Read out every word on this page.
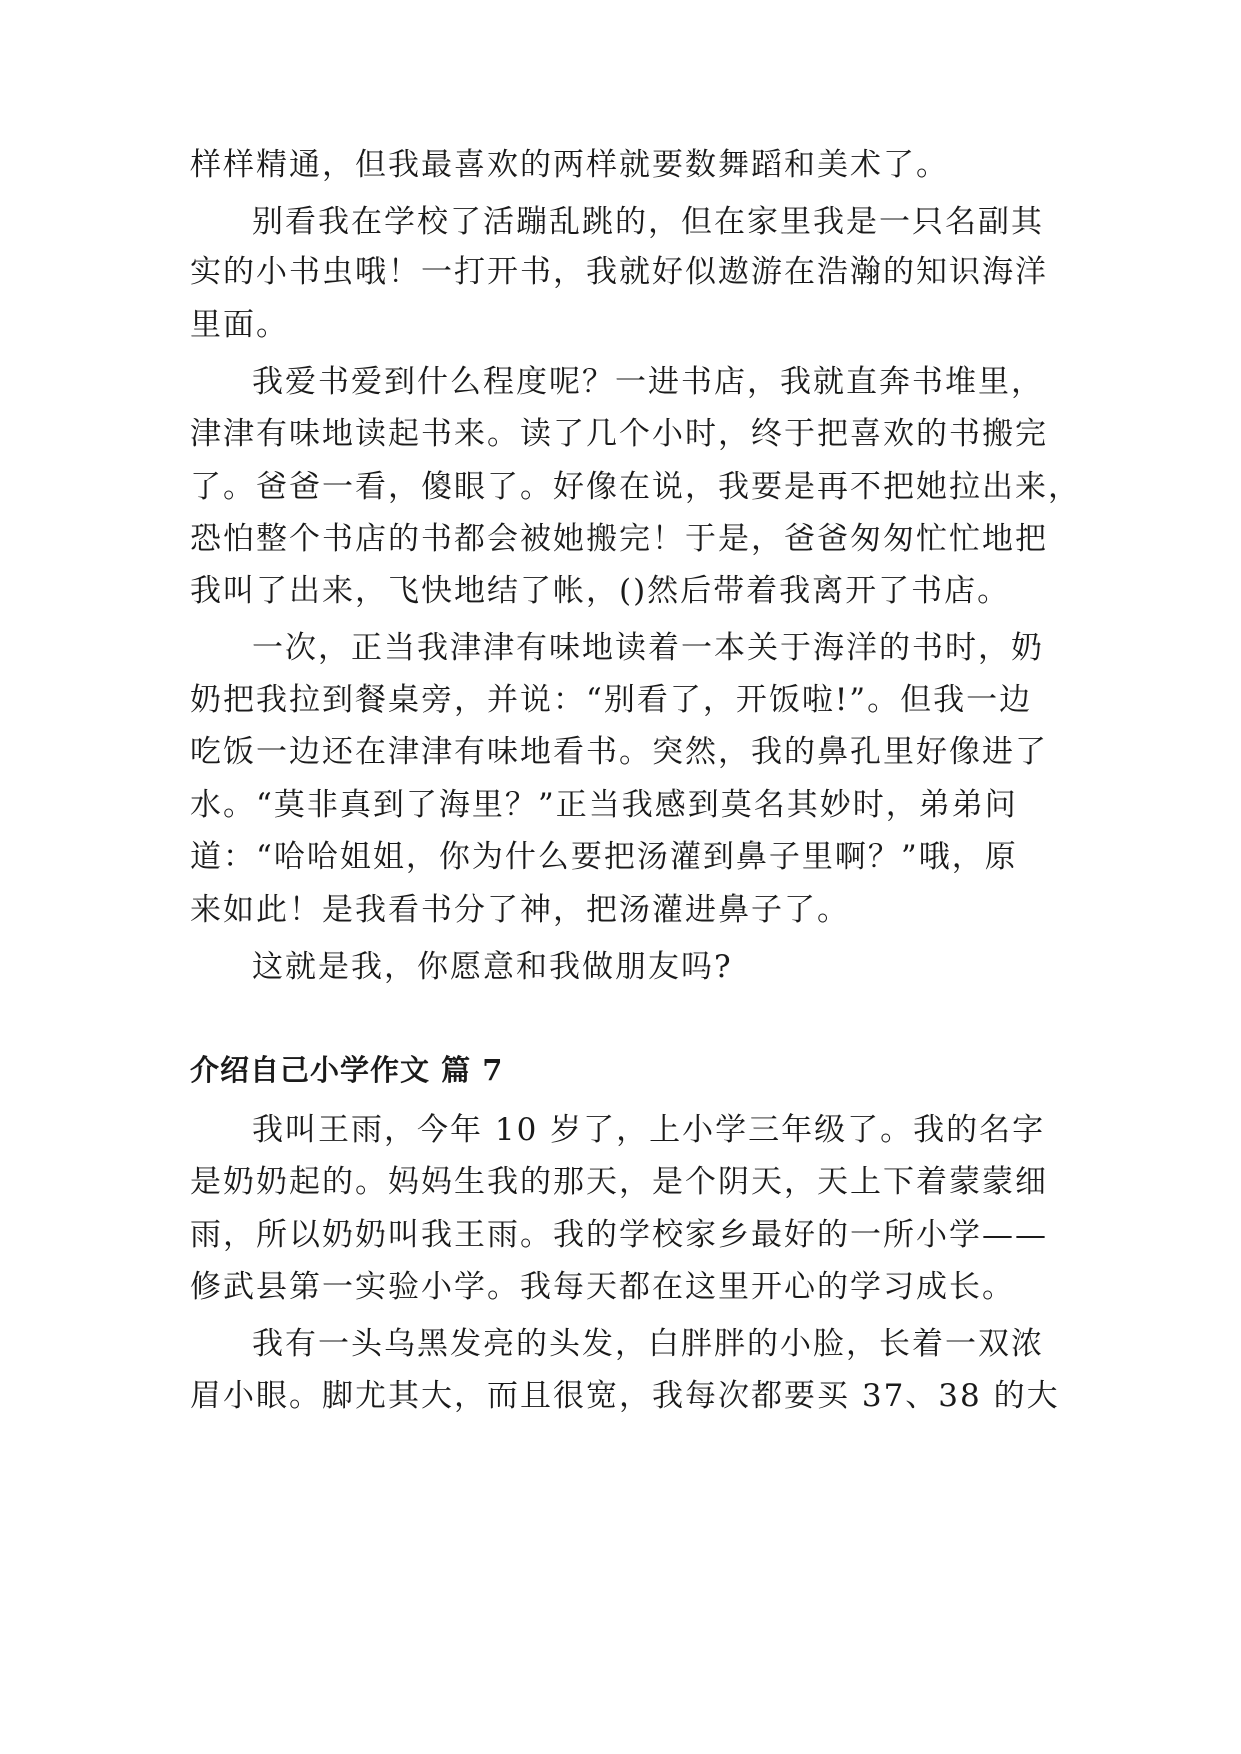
样样精通，但我最喜欢的两样就要数舞蹈和美术了。

别看我在学校了活蹦乱跳的，但在家里我是一只名副其

实的小书虫哦！一打开书，我就好似遨游在浩瀚的知识海洋

里面。

我爱书爱到什么程度呢？一进书店，我就直奔书堆里，

津津有味地读起书来。读了几个小时，终于把喜欢的书搬完

了。爸爸一看，傻眼了。好像在说，我要是再不把她拉出来，

恐怕整个书店的书都会被她搬完！于是，爸爸匆匆忙忙地把

我叫了出来，飞快地结了帐，()然后带着我离开了书店。

一次，正当我津津有味地读着一本关于海洋的书时，奶

奶把我拉到餐桌旁，并说：“别看了，开饭啦!”。但我一边

吃饭一边还在津津有味地看书。突然，我的鼻孔里好像进了

水。“莫非真到了海里？”正当我感到莫名其妙时，弟弟问

道：“哈哈姐姐，你为什么要把汤灌到鼻子里啊？”哦，原

来如此！是我看书分了神，把汤灌进鼻子了。

这就是我，你愿意和我做朋友吗?

介绍自己小学作文 篇 7

我叫王雨，今年 10 岁了，上小学三年级了。我的名字

是奶奶起的。妈妈生我的那天，是个阴天，天上下着蒙蒙细

雨，所以奶奶叫我王雨。我的学校家乡最好的一所小学——

修武县第一实验小学。我每天都在这里开心的学习成长。

我有一头乌黑发亮的头发，白胖胖的小脸，长着一双浓

眉小眼。脚尤其大，而且很宽，我每次都要买 37、38 的大
